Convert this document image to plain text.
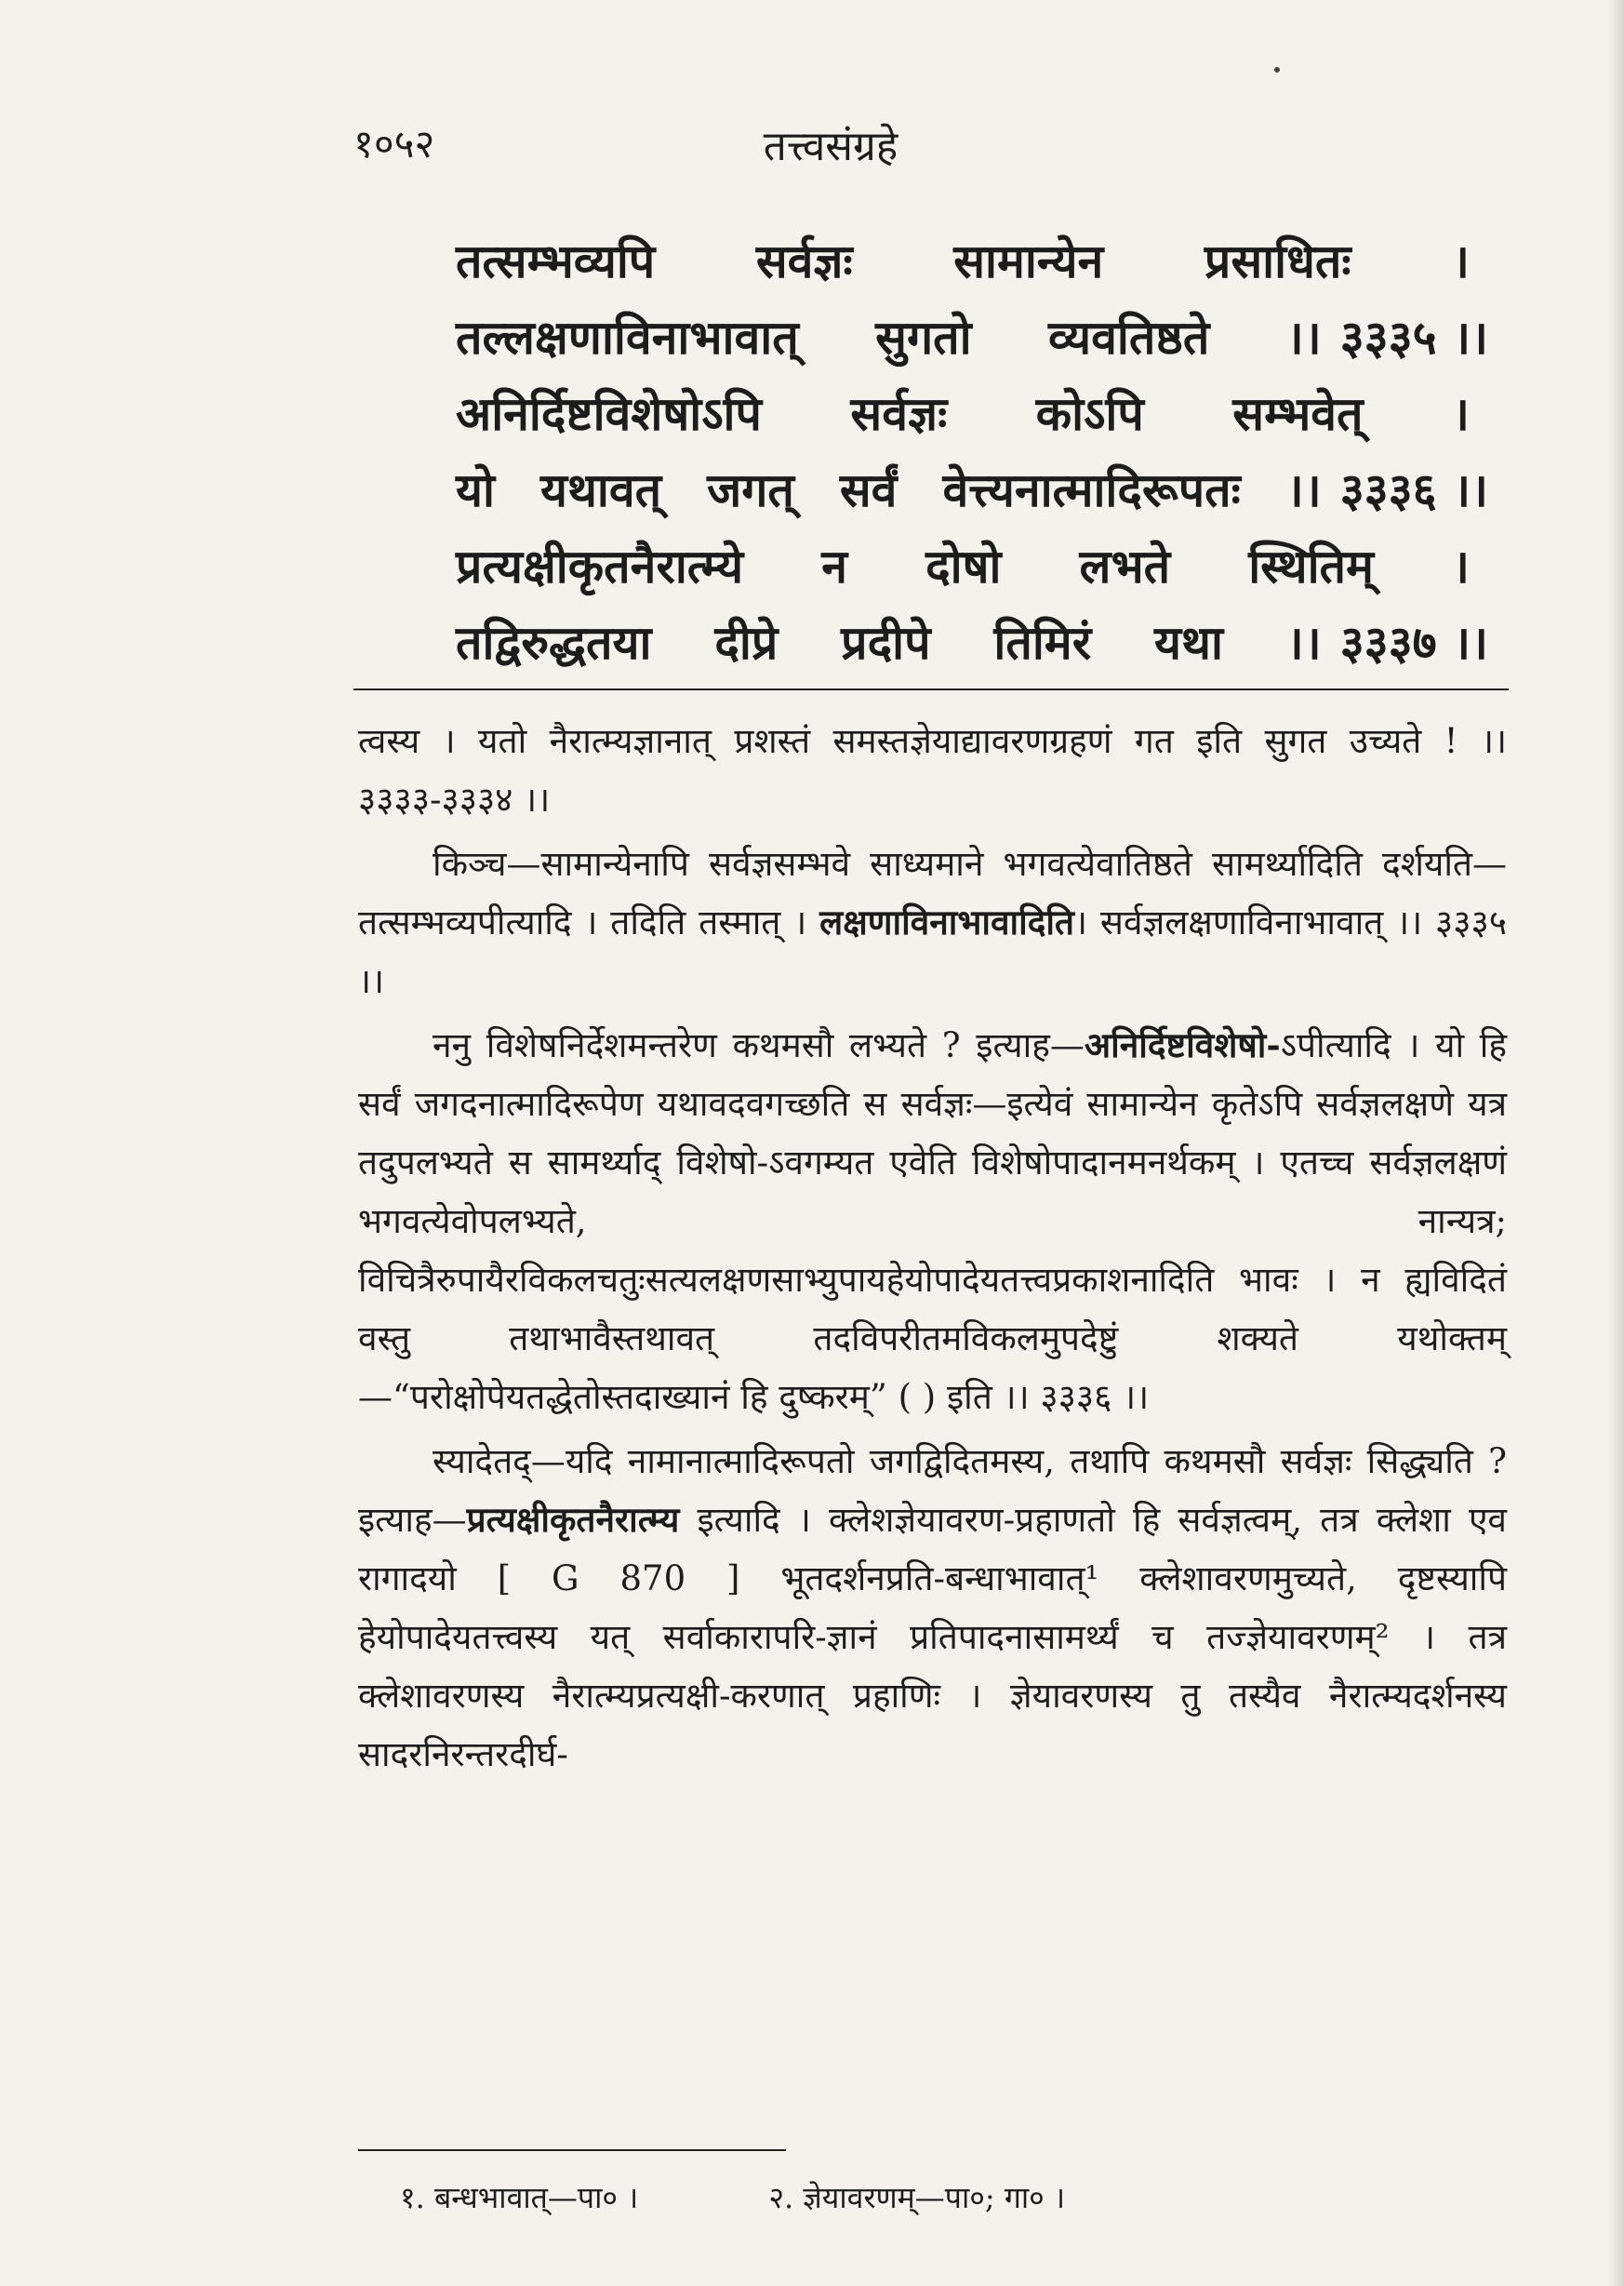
१०५२	तत्त्वसंग्रहे
तत्सम्भव्यपि सर्वज्ञः सामान्येन प्रसाधितः ।
तल्लक्षणाविनाभावात् सुगतो व्यवतिष्ठते ।। ३३३५ ।।
अनिर्दिष्टविशेषोऽपि सर्वज्ञः कोऽपि सम्भवेत् ।
यो यथावत् जगत् सर्वं वेत्त्यनात्मादिरूपतः ।। ३३३६ ।।
प्रत्यक्षीकृतनैरात्म्ये न दोषो लभते स्थितिम् ।
तद्विरुद्धतया दीप्रे प्रदीपे तिमिरं यथा ।। ३३३७ ।।

त्वस्य । यतो नैरात्म्यज्ञानात् प्रशस्तं समस्तज्ञेयाद्यावरणग्रहणं गत इति सुगत उच्यते ! ।। ३३३३-३३३४ ।।

किञ्च—सामान्येनापि सर्वज्ञसम्भवे साध्यमाने भगवत्येवातिष्ठते सामर्थ्यादिति दर्शयति—तत्सम्भव्यपीत्यादि । तदिति तस्मात् । लक्षणाविनाभावादिति। सर्वज्ञलक्षणाविनाभावात् ।। ३३३५ ।।

ननु विशेषनिर्देशमन्तरेण कथमसौ लभ्यते ? इत्याह—अनिर्दिष्टविशेषो-ऽपीत्यादि । यो हि सर्वं जगदनात्मादिरूपेण यथावदवगच्छति स सर्वज्ञः—इत्येवं सामान्येन कृतेऽपि सर्वज्ञलक्षणे यत्र तदुपलभ्यते स सामर्थ्याद् विशेषो-ऽवगम्यत एवेति विशेषोपादानमनर्थकम् । एतच्च सर्वज्ञलक्षणं भगवत्येवोपलभ्यते, नान्यत्र; विचित्रैरुपायैरविकलचतुःसत्यलक्षणसाभ्युपायहेयोपादेयतत्त्वप्रकाशनादिति भावः । न ह्यविदितं वस्तु तथाभावैस्तथावत् तदविपरीतमविकलमुपदेष्टुं शक्यते यथोक्तम्—“परोक्षोपेयतद्धेतोस्तदाख्यानं हि दुष्करम्” ( ) इति ।। ३३३६ ।।

स्यादेतद्—यदि नामानात्मादिरूपतो जगद्विदितमस्य, तथापि कथमसौ सर्वज्ञः सिद्ध्यति ? इत्याह—प्रत्यक्षीकृतनैरात्म्य इत्यादि । क्लेशज्ञेयावरण-प्रहाणतो हि सर्वज्ञत्वम्, तत्र क्लेशा एव रागादयो [ G 870 ] भूतदर्शनप्रति-बन्धाभावात्¹ क्लेशावरणमुच्यते, दृष्टस्यापि हेयोपादेयतत्त्वस्य यत् सर्वाकारापरि-ज्ञानं प्रतिपादनासामर्थ्यं च तज्ज्ञेयावरणम्² । तत्र क्लेशावरणस्य नैरात्म्यप्रत्यक्षी-करणात् प्रहाणिः । ज्ञेयावरणस्य तु तस्यैव नैरात्म्यदर्शनस्य सादरनिरन्तरदीर्घ-

१. बन्धभावात्—पा० ।	२. ज्ञेयावरणम्—पा०; गा० ।
